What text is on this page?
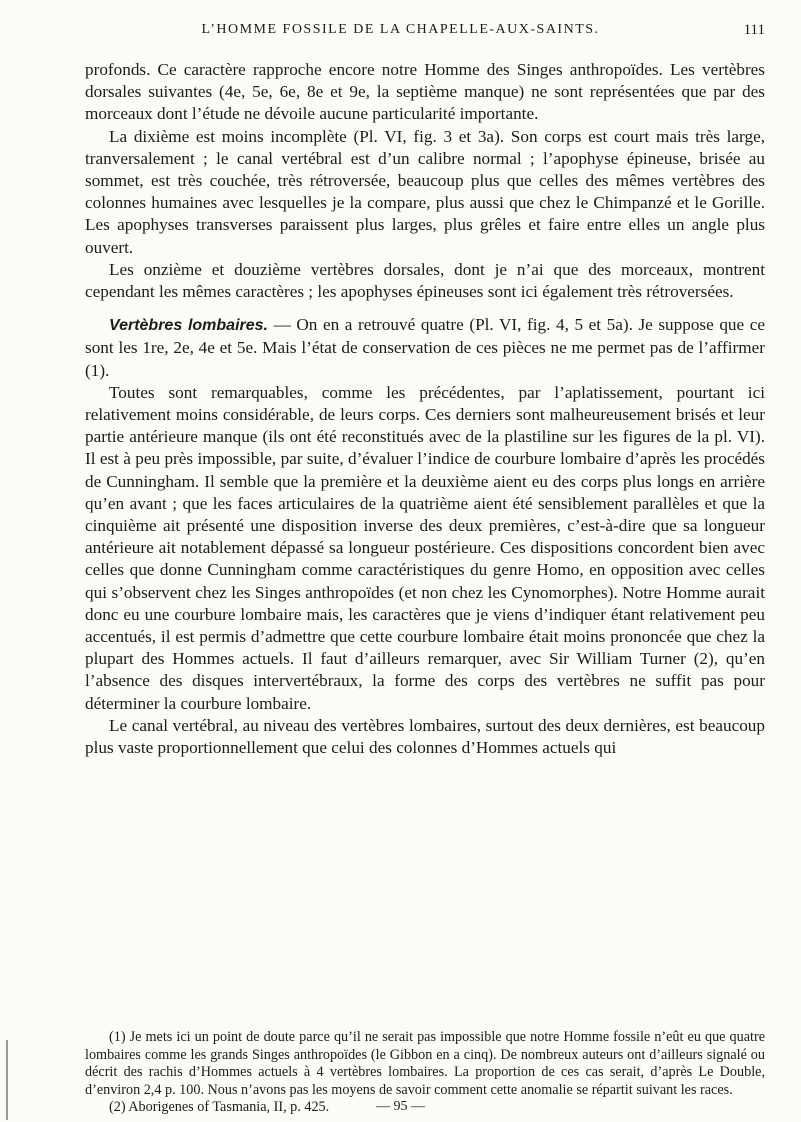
L’HOMME FOSSILE DE LA CHAPELLE-AUX-SAINTS.	111

profonds. Ce caractère rapproche encore notre Homme des Singes anthropoïdes. Les vertèbres dorsales suivantes (4e, 5e, 6e, 8e et 9e, la septième manque) ne sont représentées que par des morceaux dont l’étude ne dévoile aucune particularité importante.

La dixième est moins incomplète (Pl. VI, fig. 3 et 3a). Son corps est court mais très large, tranversalement ; le canal vertébral est d’un calibre normal ; l’apophyse épineuse, brisée au sommet, est très couchée, très rétroversée, beaucoup plus que celles des mêmes vertèbres des colonnes humaines avec lesquelles je la compare, plus aussi que chez le Chimpanzé et le Gorille. Les apophyses transverses paraissent plus larges, plus grêles et faire entre elles un angle plus ouvert.

Les onzième et douzième vertèbres dorsales, dont je n’ai que des morceaux, montrent cependant les mêmes caractères ; les apophyses épineuses sont ici également très rétroversées.

Vertèbres lombaires. — On en a retrouvé quatre (Pl. VI, fig. 4, 5 et 5a). Je suppose que ce sont les 1re, 2e, 4e et 5e. Mais l’état de conservation de ces pièces ne me permet pas de l’affirmer (1).

Toutes sont remarquables, comme les précédentes, par l’aplatissement, pourtant ici relativement moins considérable, de leurs corps. Ces derniers sont malheureusement brisés et leur partie antérieure manque (ils ont été reconstitués avec de la plastiline sur les figures de la pl. VI). Il est à peu près impossible, par suite, d’évaluer l’indice de courbure lombaire d’après les procédés de Cunningham. Il semble que la première et la deuxième aient eu des corps plus longs en arrière qu’en avant ; que les faces articulaires de la quatrième aient été sensiblement parallèles et que la cinquième ait présenté une disposition inverse des deux premières, c’est-à-dire que sa longueur antérieure ait notablement dépassé sa longueur postérieure. Ces dispositions concordent bien avec celles que donne Cunningham comme caractéristiques du genre Homo, en opposition avec celles qui s’observent chez les Singes anthropoïdes (et non chez les Cynomorphes). Notre Homme aurait donc eu une courbure lombaire mais, les caractères que je viens d’indiquer étant relativement peu accentués, il est permis d’admettre que cette courbure lombaire était moins prononcée que chez la plupart des Hommes actuels. Il faut d’ailleurs remarquer, avec Sir William Turner (2), qu’en l’absence des disques intervertébraux, la forme des corps des vertèbres ne suffit pas pour déterminer la courbure lombaire.

Le canal vertébral, au niveau des vertèbres lombaires, surtout des deux dernières, est beaucoup plus vaste proportionnellement que celui des colonnes d’Hommes actuels qui

(1) Je mets ici un point de doute parce qu’il ne serait pas impossible que notre Homme fossile n’eût eu que quatre lombaires comme les grands Singes anthropoïdes (le Gibbon en a cinq). De nombreux auteurs ont d’ailleurs signalé ou décrit des rachis d’Hommes actuels à 4 vertèbres lombaires. La proportion de ces cas serait, d’après Le Double, d’environ 2,4 p. 100. Nous n’avons pas les moyens de savoir comment cette anomalie se répartit suivant les races.

(2) Aborigenes of Tasmania, II, p. 425.	— 95 —
